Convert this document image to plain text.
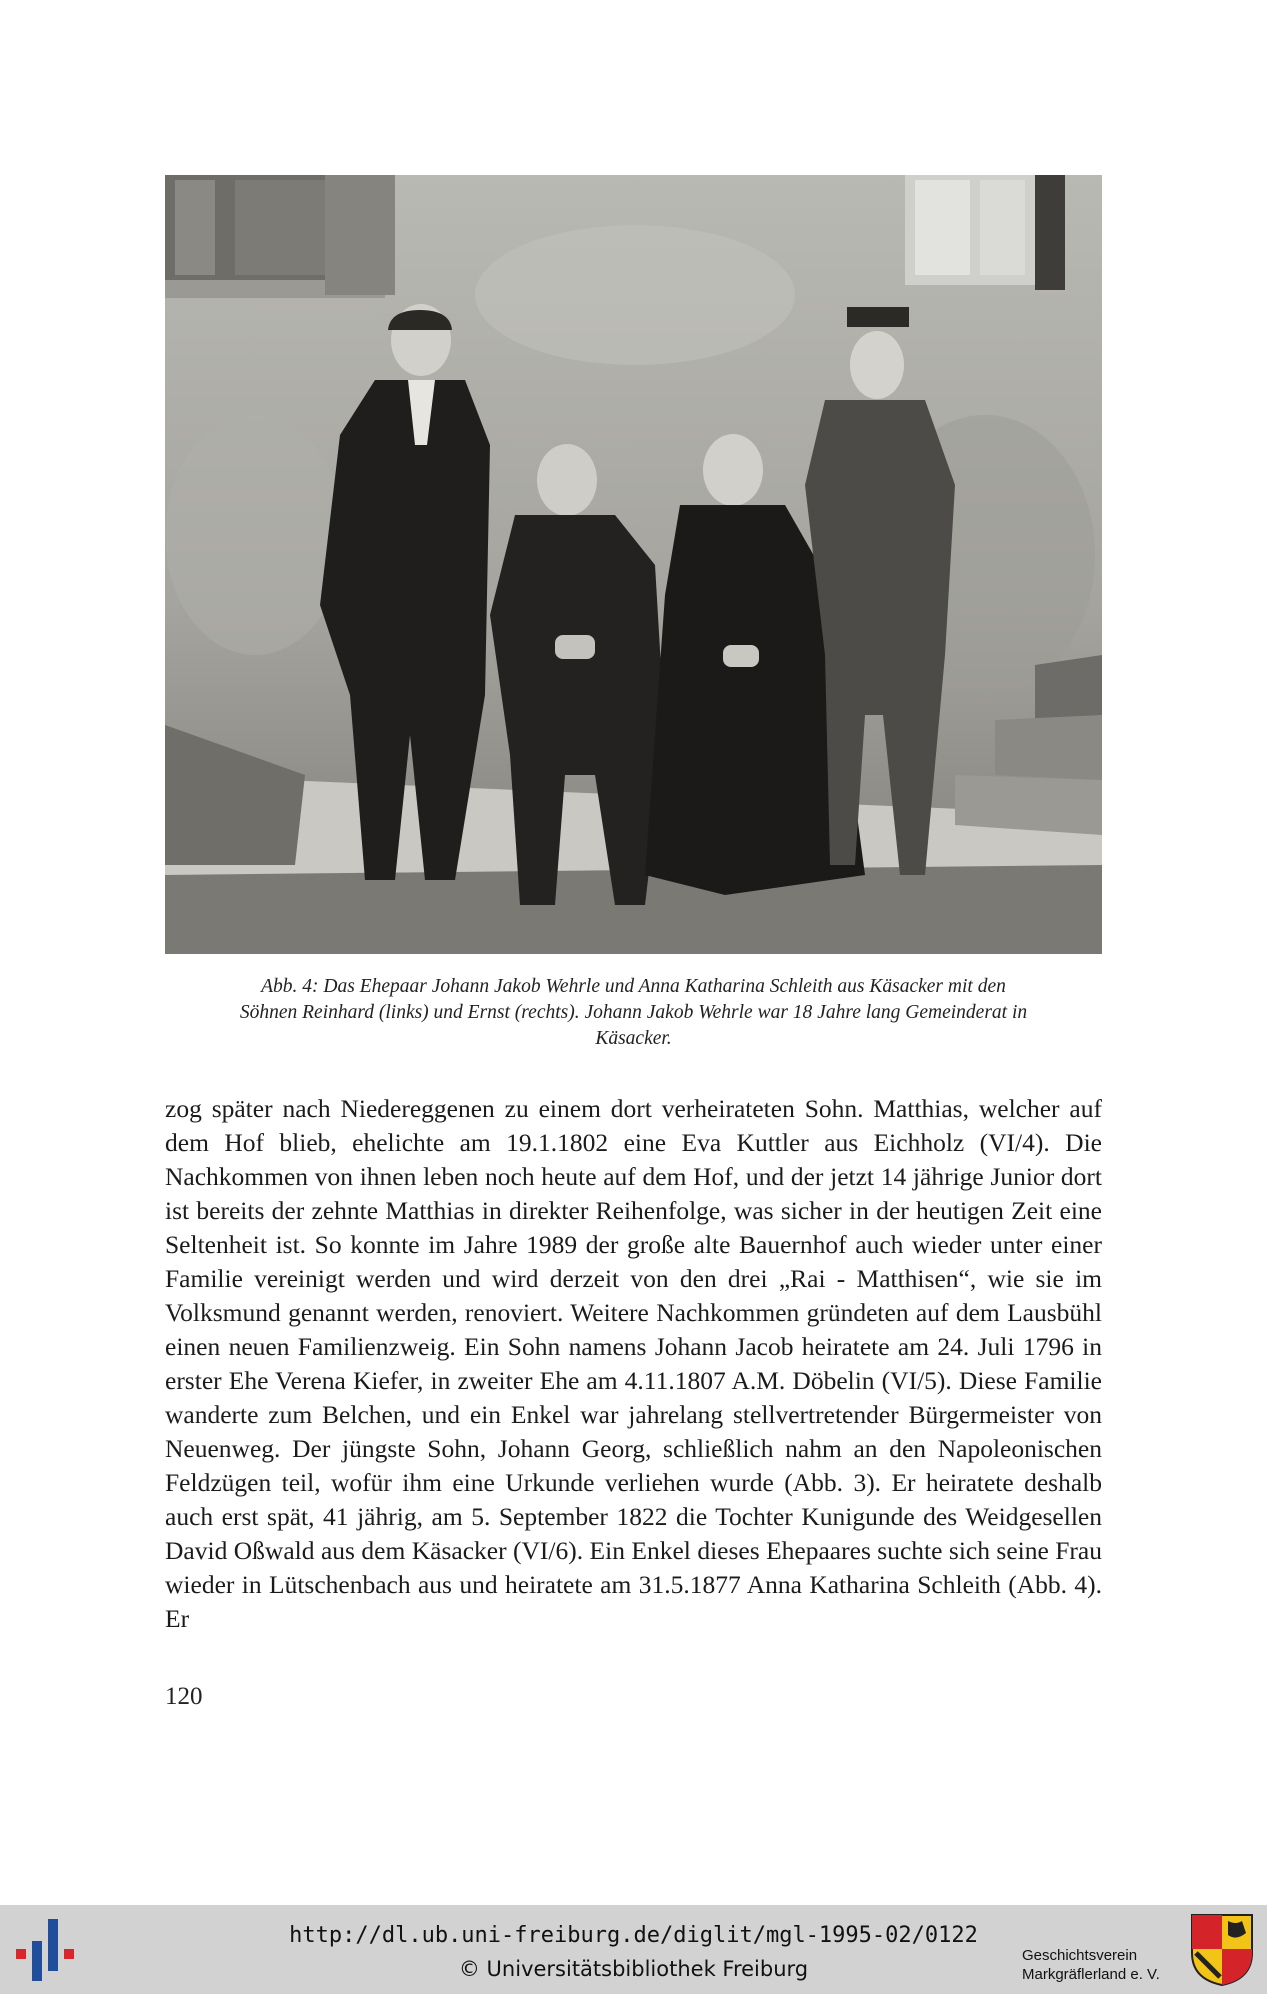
Abb. 4: Das Ehepaar Johann Jakob Wehrle und Anna Katharina Schleith aus Käsacker mit den
Söhnen Reinhard (links) und Ernst (rechts). Johann Jakob Wehrle war 18 Jahre lang Gemeinderat in
Käsacker.
zog später nach Niedereggenen zu einem dort verheirateten Sohn. Matthias, welcher auf dem Hof blieb, ehelichte am 19.1.1802 eine Eva Kuttler aus Eichholz (VI/4). Die Nachkommen von ihnen leben noch heute auf dem Hof, und der jetzt 14 jährige Junior dort ist bereits der zehnte Matthias in direkter Reihenfolge, was sicher in der heutigen Zeit eine Seltenheit ist. So konnte im Jahre 1989 der große alte Bauernhof auch wieder unter einer Familie vereinigt werden und wird derzeit von den drei „Rai - Matthisen“, wie sie im Volksmund genannt werden, renoviert. Weitere Nachkommen gründeten auf dem Lausbühl einen neuen Familienzweig. Ein Sohn namens Johann Jacob heiratete am 24. Juli 1796 in erster Ehe Verena Kiefer, in zweiter Ehe am 4.11.1807 A.M. Döbelin (VI/5). Diese Familie wanderte zum Belchen, und ein Enkel war jahrelang stellvertretender Bürgermeister von Neuenweg. Der jüngste Sohn, Johann Georg, schließlich nahm an den Napoleonischen Feldzügen teil, wofür ihm eine Urkunde verliehen wurde (Abb. 3). Er heiratete deshalb auch erst spät, 41 jährig, am 5. September 1822 die Tochter Kunigunde des Weidgesellen David Oßwald aus dem Käsacker (VI/6). Ein Enkel dieses Ehepaares suchte sich seine Frau wieder in Lütschenbach aus und heiratete am 31.5.1877 Anna Katharina Schleith (Abb. 4). Er
120
http://dl.ub.uni-freiburg.de/diglit/mgl-1995-02/0122
© Universitätsbibliothek Freiburg
Geschichtsverein
Markgräflerland e. V.
